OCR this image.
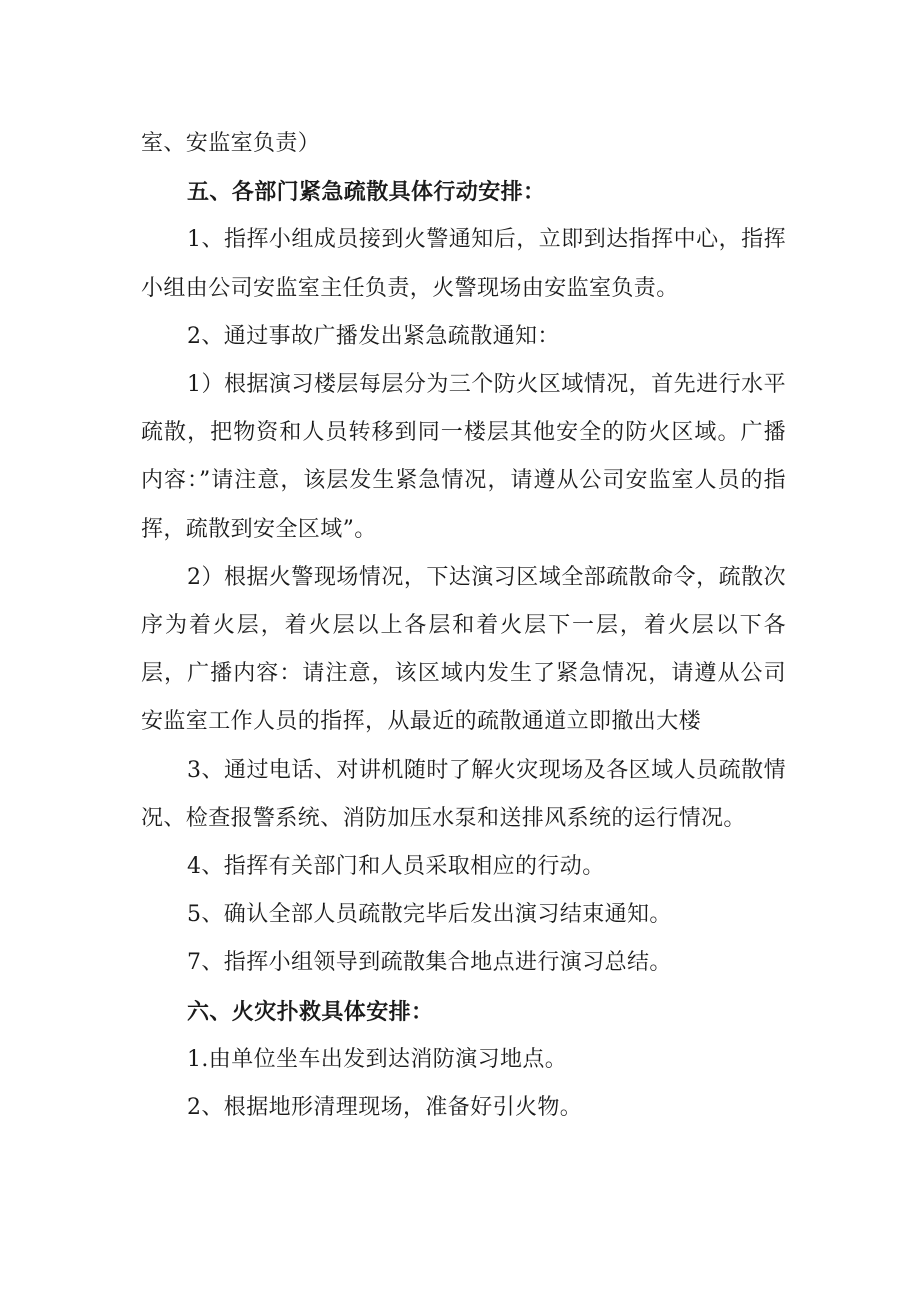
室、安监室负责）

五、各部门紧急疏散具体行动安排：

1、指挥小组成员接到火警通知后，立即到达指挥中心，指挥小组由公司安监室主任负责，火警现场由安监室负责。

2、通过事故广播发出紧急疏散通知：

1）根据演习楼层每层分为三个防火区域情况，首先进行水平疏散，把物资和人员转移到同一楼层其他安全的防火区域。广播内容：”请注意，该层发生紧急情况，请遵从公司安监室人员的指挥，疏散到安全区域”。

2）根据火警现场情况，下达演习区域全部疏散命令，疏散次序为着火层，着火层以上各层和着火层下一层，着火层以下各层，广播内容：请注意，该区域内发生了紧急情况，请遵从公司安监室工作人员的指挥，从最近的疏散通道立即撤出大楼

3、通过电话、对讲机随时了解火灾现场及各区域人员疏散情况、检查报警系统、消防加压水泵和送排风系统的运行情况。

4、指挥有关部门和人员采取相应的行动。

5、确认全部人员疏散完毕后发出演习结束通知。

7、指挥小组领导到疏散集合地点进行演习总结。

六、火灾扑救具体安排：

1.由单位坐车出发到达消防演习地点。

2、根据地形清理现场，准备好引火物。
